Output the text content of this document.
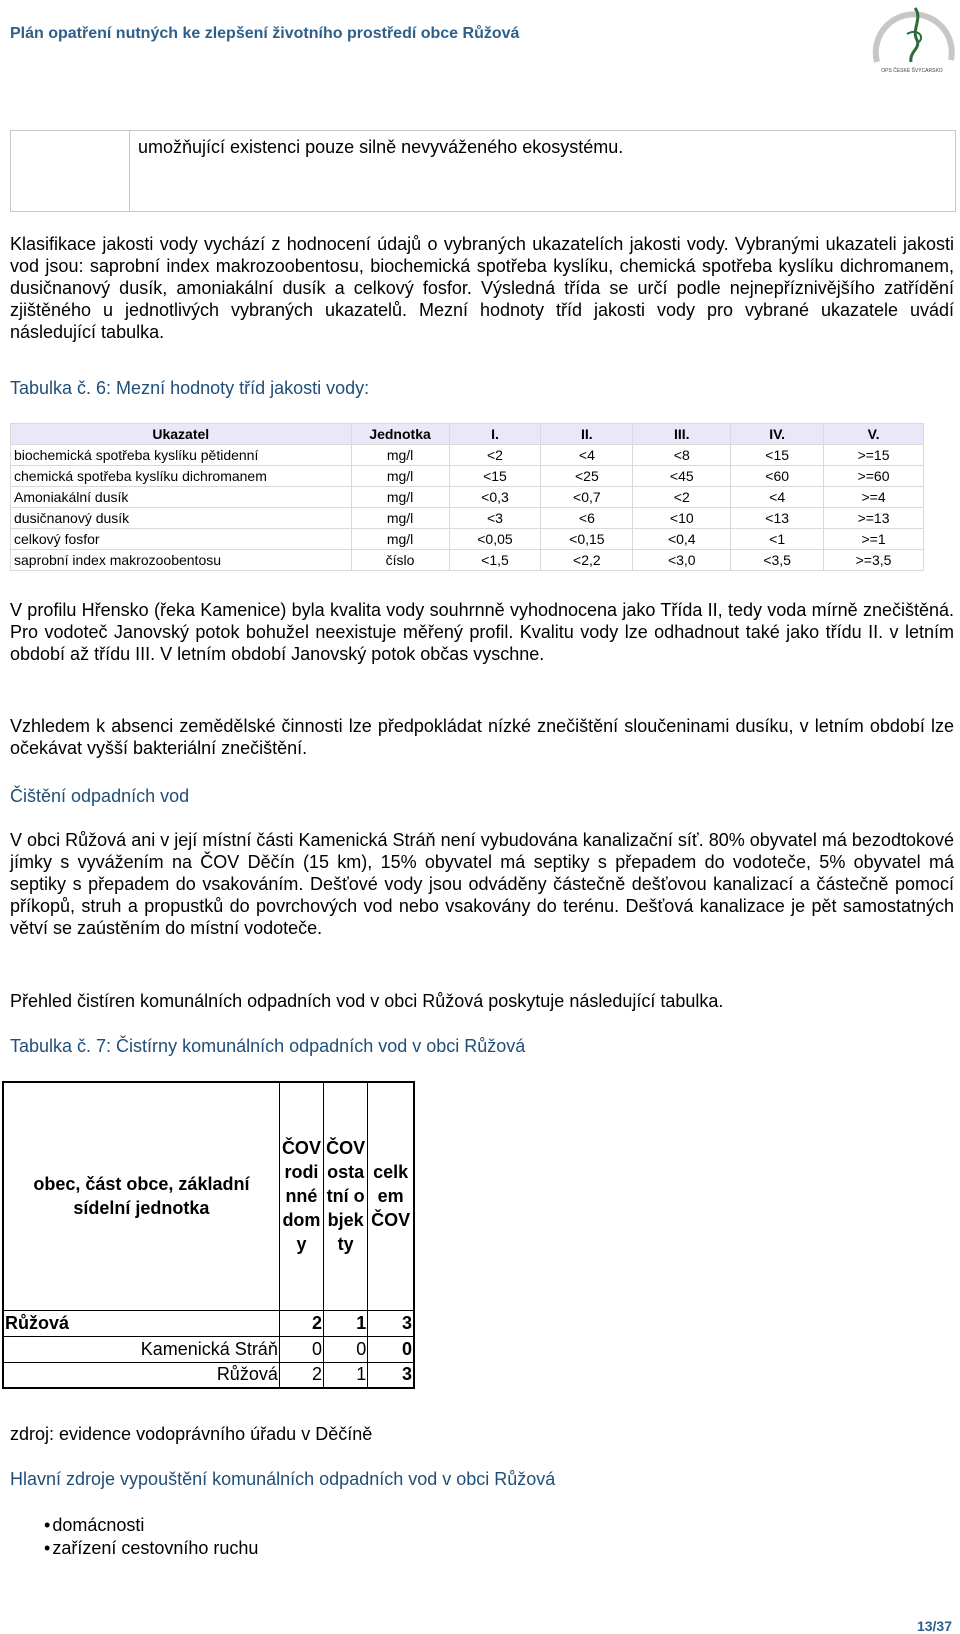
Plán opatření nutných ke zlepšení životního prostředí obce Růžová
OPS ČESKÉ ŠVÝCARSKO
umožňující existenci pouze silně nevyváženého ekosystému.

Klasifikace jakosti vody vychází z hodnocení údajů o vybraných ukazatelích jakosti vody. Vybranými ukazateli jakosti vod jsou: saprobní index makrozoobentosu, biochemická spotřeba kyslíku, chemická spotřeba kyslíku dichromanem, dusičnanový dusík, amoniakální dusík a celkový fosfor. Výsledná třída se určí podle nejnepříznivějšího zatřídění zjištěného u jednotlivých vybraných ukazatelů. Mezní hodnoty tříd jakosti vody pro vybrané ukazatele uvádí následující tabulka.

Tabulka č. 6: Mezní hodnoty tříd jakosti vody:
Ukazatel	Jednotka	I.	II.	III.	IV.	V.
biochemická spotřeba kyslíku pětidenní	mg/l	<2	<4	<8	<15	>=15
chemická spotřeba kyslíku dichromanem	mg/l	<15	<25	<45	<60	>=60
Amoniakální dusík	mg/l	<0,3	<0,7	<2	<4	>=4
dusičnanový dusík	mg/l	<3	<6	<10	<13	>=13
celkový fosfor	mg/l	<0,05	<0,15	<0,4	<1	>=1
saprobní index makrozoobentosu	číslo	<1,5	<2,2	<3,0	<3,5	>=3,5

V profilu Hřensko (řeka Kamenice) byla kvalita vody souhrnně vyhodnocena jako Třída II, tedy voda mírně znečištěná. Pro vodoteč Janovský potok bohužel neexistuje měřený profil. Kvalitu vody lze odhadnout také jako třídu II. v letním období až třídu III. V letním období Janovský potok občas vyschne.

Vzhledem k absenci zemědělské činnosti lze předpokládat nízké znečištění sloučeninami dusíku, v letním období lze očekávat vyšší bakteriální znečištění.

Čištění odpadních vod

V obci Růžová ani v její místní části Kamenická Stráň není vybudována kanalizační síť. 80% obyvatel má bezodtokové jímky s vyvážením na ČOV Děčín (15 km), 15% obyvatel má septiky s přepadem do vodoteče, 5% obyvatel má septiky s přepadem do vsakováním. Dešťové vody jsou odváděny částečně dešťovou kanalizací a částečně pomocí příkopů, struh a propustků do povrchových vod nebo vsakovány do terénu. Dešťová kanalizace je pět samostatných větví se zaústěním do místní vodoteče.

Přehled čistíren komunálních odpadních vod v obci Růžová poskytuje následující tabulka.

Tabulka č. 7: Čistírny komunálních odpadních vod v obci Růžová
obec, část obce, základní sídelní jednotka	ČOV rodinné domy	ČOV ostatní objekty	celkem ČOV
Růžová	2	1	3
Kamenická Stráň	0	0	0
Růžová	2	1	3

zdroj: evidence vodoprávního úřadu v Děčíně

Hlavní zdroje vypouštění komunálních odpadních vod v obci Růžová
• domácnosti
• zařízení cestovního ruchu
13/37
